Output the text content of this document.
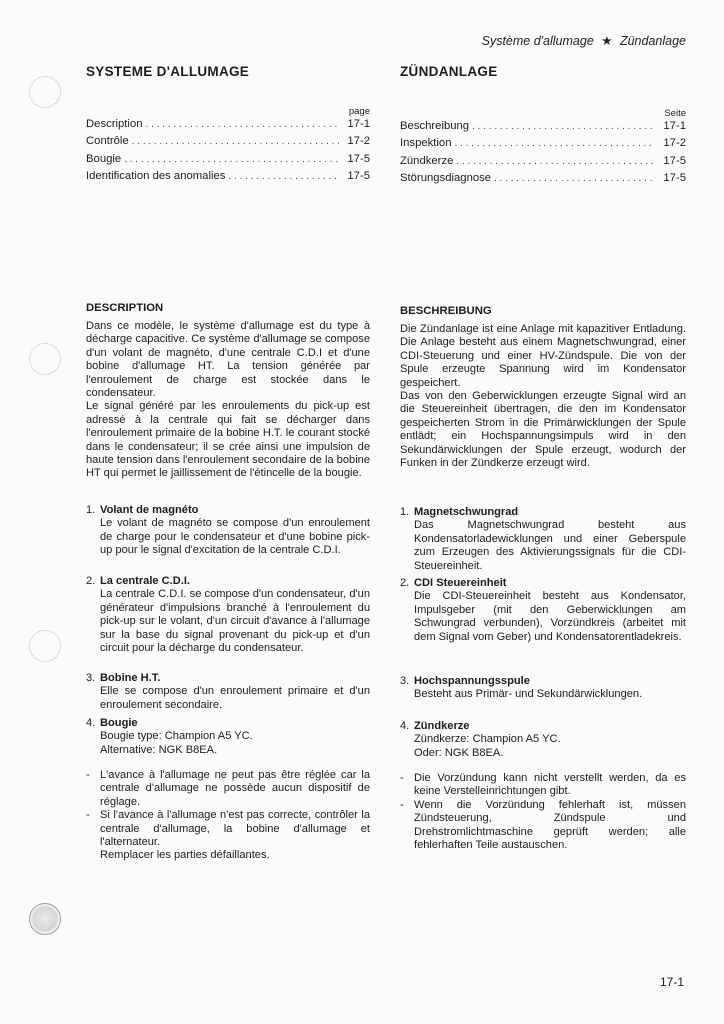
Système d'allumage ★ Zündanlage
SYSTEME D'ALLUMAGE
page
Description . . .	17-1
Contrôle . . .	17-2
Bougie . . .	17-5
Identification des anomalies . . .	17-5
DESCRIPTION

Dans ce modèle, le système d'allumage est du type à décharge capacitive. Ce système d'allumage se compose d'un volant de magnéto, d'une centrale C.D.I et d'une bobine d'allumage HT. La tension générée par l'enroulement de charge est stockée dans le condensateur.

Le signal généré par les enroulements du pick-up est adressé à la centrale qui fait se décharger dans l'enroulement primaire de la bobine H.T. le courant stocké dans le condensateur; il se crée ainsi une impulsion de haute tension dans l'enroulement secondaire de la bobine HT qui permet le jaillissement de l'étincelle de la bougie.

1. Volant de magnéto
Le volant de magnéto se compose d'un enroulement de charge pour le condensateur et d'une bobine pick-up pour le signal d'excitation de la centrale C.D.I.
2. La centrale C.D.I.
La centrale C.D.I. se compose d'un condensateur, d'un générateur d'impulsions branché à l'enroulement du pick-up sur le volant, d'un circuit d'avance à l'allumage sur la base du signal provenant du pick-up et d'un circuit pour la décharge du condensateur.
3. Bobine H.T.
Elle se compose d'un enroulement primaire et d'un enroulement secondaire.
4. Bougie
Bougie type: Champion A5 YC.
Alternative: NGK B8EA.
- L'avance à l'allumage ne peut pas être réglée car la centrale d'allumage ne possède aucun dispositif de réglage.
- Si l'avance à l'allumage n'est pas correcte, contrôler la centrale d'allumage, la bobine d'allumage et l'alternateur.
Remplacer les parties défaillantes.
ZÜNDANLAGE
Seite
Beschreibung . . .	17-1
Inspektion . . .	17-2
Zündkerze . . .	17-5
Störungsdiagnose . . .	17-5
BESCHREIBUNG

Die Zündanlage ist eine Anlage mit kapazitiver Entladung. Die Anlage besteht aus einem Magnetschwungrad, einer CDI-Steuerung und einer HV-Zündspule. Die von der Spule erzeugte Spannung wird im Kondensator gespeichert.

Das von den Geberwicklungen erzeugte Signal wird an die Steuereinheit übertragen, die den im Kondensator gespeicherten Strom in die Primärwicklungen der Spule entlädt; ein Hochspannungsimpuls wird in den Sekundärwicklungen der Spule erzeugt, wodurch der Funken in der Zündkerze erzeugt wird.

1. Magnetschwungrad
Das Magnetschwungrad besteht aus Kondensatorladewicklungen und einer Geberspule zum Erzeugen des Aktivierungssignals für die CDI-Steuereinheit.
2. CDI Steuereinheit
Die CDI-Steuereinheit besteht aus Kondensator, Impulsgeber (mit den Geberwicklungen am Schwungrad verbunden), Vorzündkreis (arbeitet mit dem Signal vom Geber) und Kondensatorentladekreis.
3. Hochspannungsspule
Besteht aus Primär- und Sekundärwicklungen.
4. Zündkerze
Zündkerze: Champion A5 YC.
Oder: NGK B8EA.
- Die Vorzündung kann nicht verstellt werden, da es keine Verstelleinrichtungen gibt.
- Wenn die Vorzündung fehlerhaft ist, müssen Zündsteuerung, Zündspule und Drehstromlichtmaschine geprüft werden; alle fehlerhaften Teile austauschen.
17-1
